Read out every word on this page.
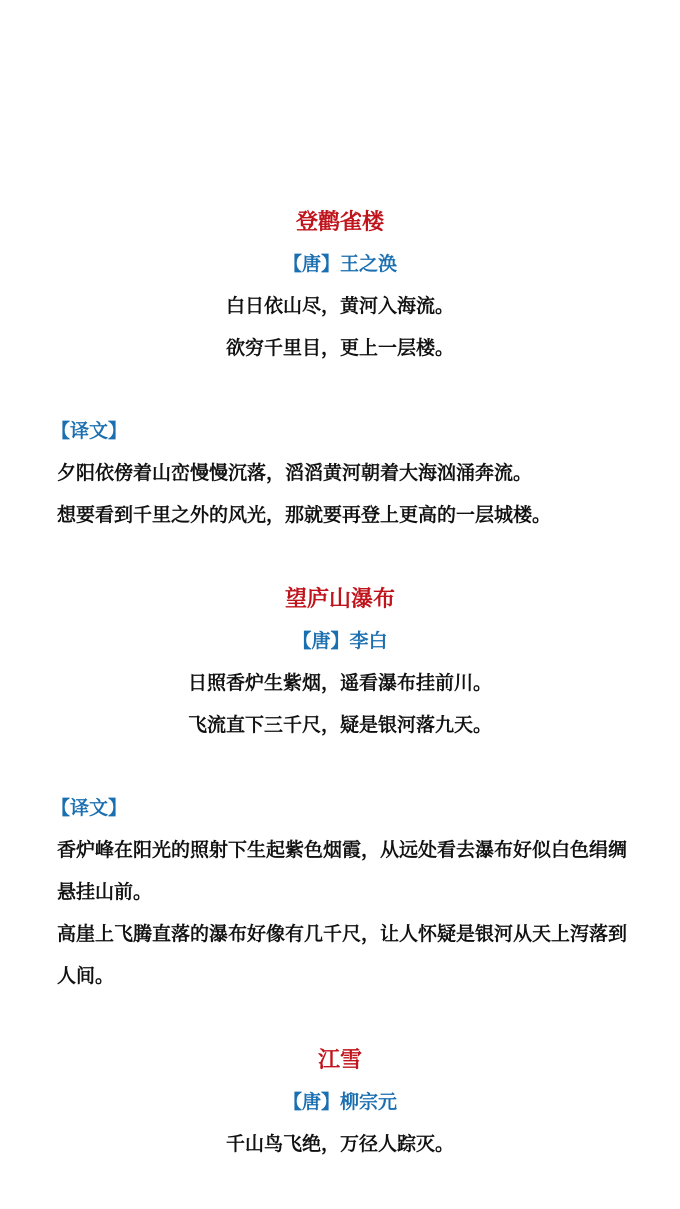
登鹳雀楼
【唐】王之涣
白日依山尽，黄河入海流。
欲穷千里目，更上一层楼。
【译文】
夕阳依傍着山峦慢慢沉落，滔滔黄河朝着大海汹涌奔流。
想要看到千里之外的风光，那就要再登上更高的一层城楼。
望庐山瀑布
【唐】李白
日照香炉生紫烟，遥看瀑布挂前川。
飞流直下三千尺，疑是银河落九天。
【译文】
香炉峰在阳光的照射下生起紫色烟霞，从远处看去瀑布好似白色绢绸悬挂山前。
高崖上飞腾直落的瀑布好像有几千尺，让人怀疑是银河从天上泻落到人间。
江雪
【唐】柳宗元
千山鸟飞绝，万径人踪灭。
